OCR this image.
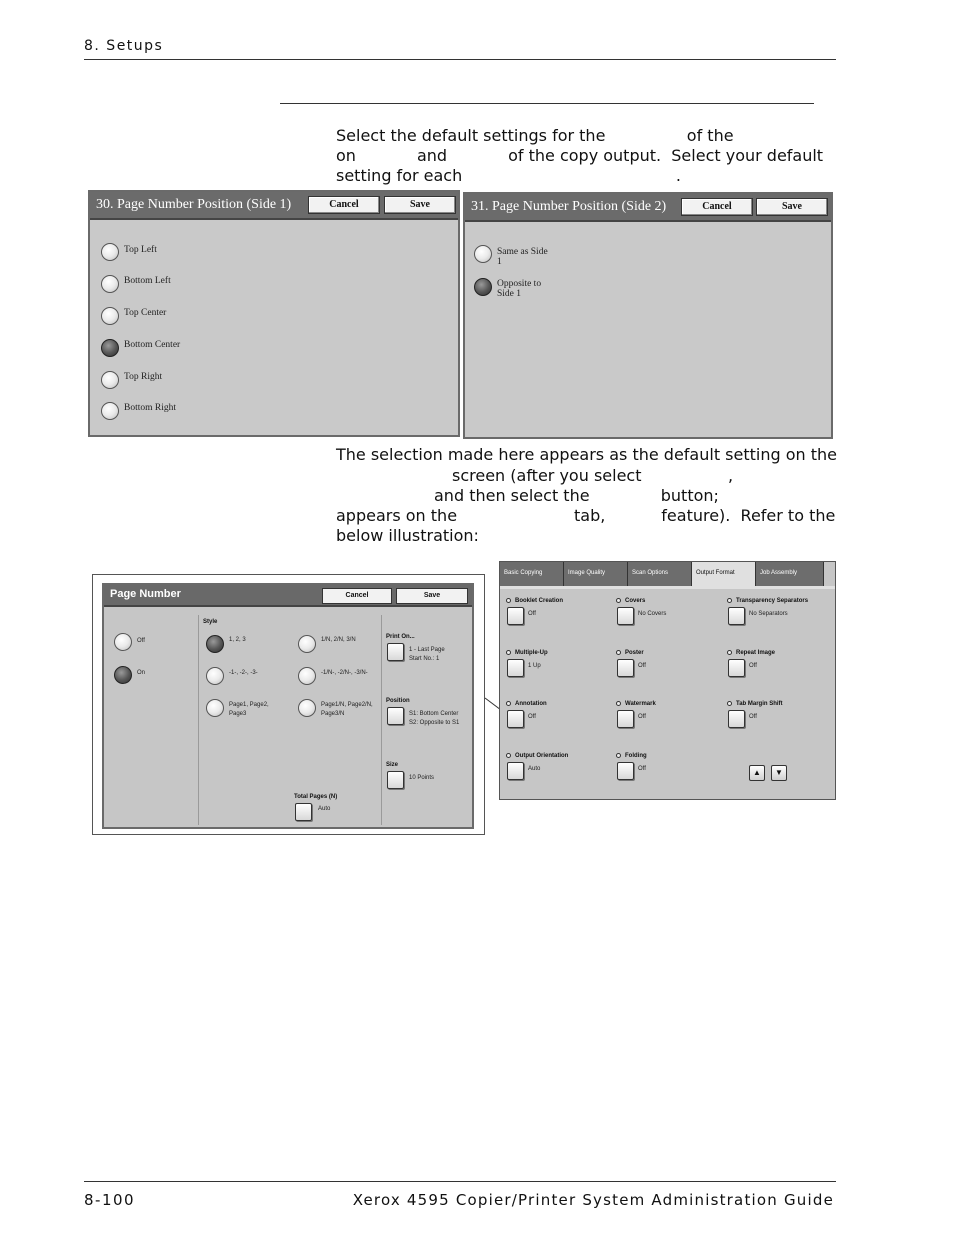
8. Setups
Select the default settings for the                of the
on            and            of the copy output.  Select your default
setting for each                                          .
30. Page Number Position (Side 1)	Cancel	Save
Top Left
Bottom Left
Top Center
Bottom Center
Top Right
Bottom Right
31. Page Number Position (Side 2)	Cancel	Save
Same as Side
1
Opposite to
Side 1
The selection made here appears as the default setting on the
screen (after you select                 ,
and then select the              button;
appears on the                       tab,           feature).  Refer to the
below illustration:
Page Number	Cancel	Save
Off
On
Style
1, 2, 3	1/N, 2/N, 3/N
-1-, -2-, -3-	-1/N-, -2/N-, -3/N-
Page1, Page2,
Page3
Page1/N, Page2/N,
Page3/N
Print On...
1 - Last Page
Start No.: 1
Position
S1: Bottom Center
S2: Opposite to S1
Size
10 Points
Total Pages (N)
Auto
Basic Copying	Image Quality	Scan Options	Output Format	Job Assembly
Booklet Creation
Off
Covers
No Covers
Transparency Separators
No Separators
Multiple-Up
1 Up
Poster
Off
Repeat Image
Off
Annotation
Off
Watermark
Off
Tab Margin Shift
Off
Output Orientation
Auto
Folding
Off	▲	▼
8-100	Xerox 4595 Copier/Printer System Administration Guide
